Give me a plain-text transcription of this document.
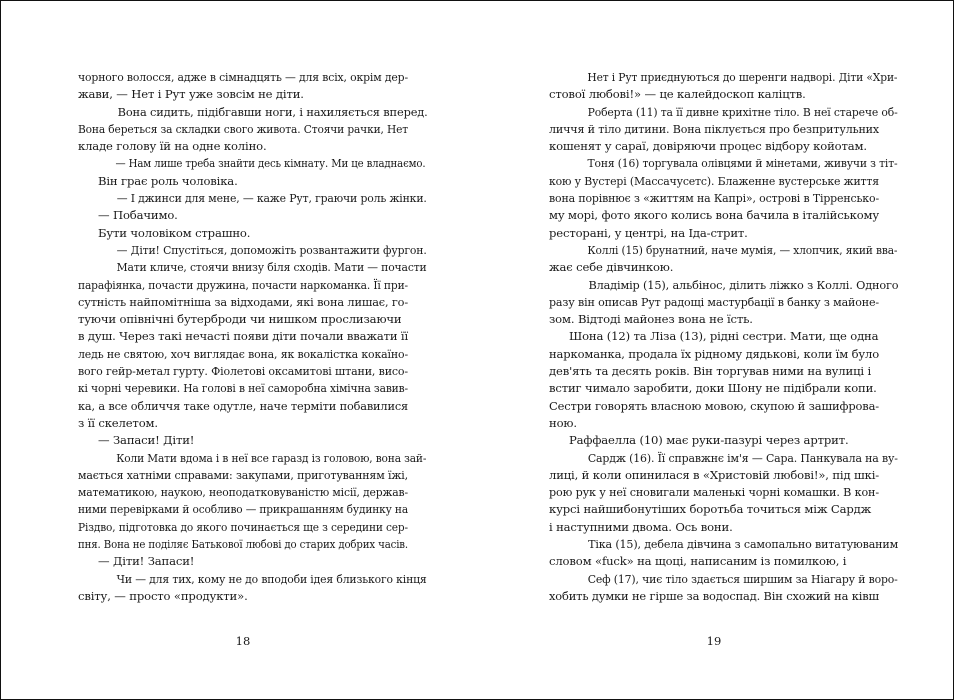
чорного волосся, адже в сімнадцять — для всіх, окрім дер-

жави, — Нет і Рут уже зовсім не діти.

Вона сидить, підібгавши ноги, і нахиляється вперед.

Вона береться за складки свого живота. Стоячи рачки, Нет

кладе голову їй на одне коліно.

— Нам лише треба знайти десь кімнату. Ми це владнаємо.

Він грає роль чоловіка.

— І джинси для мене, — каже Рут, граючи роль жінки.

— Побачимо.

Бути чоловіком страшно.

— Діти! Спустіться, допоможіть розвантажити фургон.

Мати кличе, стоячи внизу біля сходів. Мати — почасти

парафіянка, почасти дружина, почасти наркоманка. Її при-

сутність найпомітніша за відходами, які вона лишає, го-

туючи опівнічні бутерброди чи нишком прослизаючи

в душ. Через такі нечасті появи діти почали вважати її

ледь не святою, хоч виглядає вона, як вокалістка кокаїно-

вого гейр-метал гурту. Фіолетові оксамитові штани, висо-

кі чорні черевики. На голові в неї саморобна хімічна завив-

ка, а все обличчя таке одутле, наче терміти побавилися

з її скелетом.

— Запаси! Діти!

Коли Мати вдома і в неї все гаразд із головою, вона зай-

мається хатніми справами: закупами, приготуванням їжі,

математикою, наукою, неоподатковуваністю місії, держав-

ними перевірками й особливо — прикрашанням будинку на

Різдво, підготовка до якого починається ще з середини сер-

пня. Вона не поділяє Батькової любові до старих добрих часів.

— Діти! Запаси!

Чи — для тих, кому не до вподоби ідея близького кінця

світу, — просто «продукти».

18

Нет і Рут приєднуються до шеренги надворі. Діти «Хри-

стової любові!» — це калейдоскоп каліцтв.

Роберта (11) та її дивне крихітне тіло. В неї старече об-

личчя й тіло дитини. Вона піклується про безпритульних

кошенят у сараї, довіряючи процес відбору койотам.

Тоня (16) торгувала олівцями й мінетами, живучи з тіт-

кою у Вустері (Массачусетс). Блаженне вустерське життя

вона порівнює з «життям на Капрі», острові в Тірренсько-

му морі, фото якого колись вона бачила в італійському

ресторані, у центрі, на Іда-стрит.

Коллі (15) брунатний, наче мумія, — хлопчик, який вва-

жає себе дівчинкою.

Владімір (15), альбінос, ділить ліжко з Коллі. Одного

разу він описав Рут радощі мастурбації в банку з майоне-

зом. Відтоді майонез вона не їсть.

Шона (12) та Ліза (13), рідні сестри. Мати, ще одна

наркоманка, продала їх рідному дядькові, коли їм було

дев'ять та десять років. Він торгував ними на вулиці і

встиг чимало заробити, доки Шону не підібрали копи.

Сестри говорять власною мовою, скупою й зашифрова-

ною.

Раффаелла (10) має руки-пазурі через артрит.

Сардж (16). Її справжнє ім'я — Сара. Панкувала на ву-

лиці, й коли опинилася в «Христовій любові!», під шкі-

рою рук у неї сновигали маленькі чорні комашки. В кон-

курсі найшибонутіших боротьба точиться між Сардж

і наступними двома. Ось вони.

Тіка (15), дебела дівчина з самопально витатуюваним

словом «fuck» на щоці, написаним із помилкою, і

Сеф (17), чиє тіло здається ширшим за Ніагару й воро-

хобить думки не гірше за водоспад. Він схожий на ківш

19
